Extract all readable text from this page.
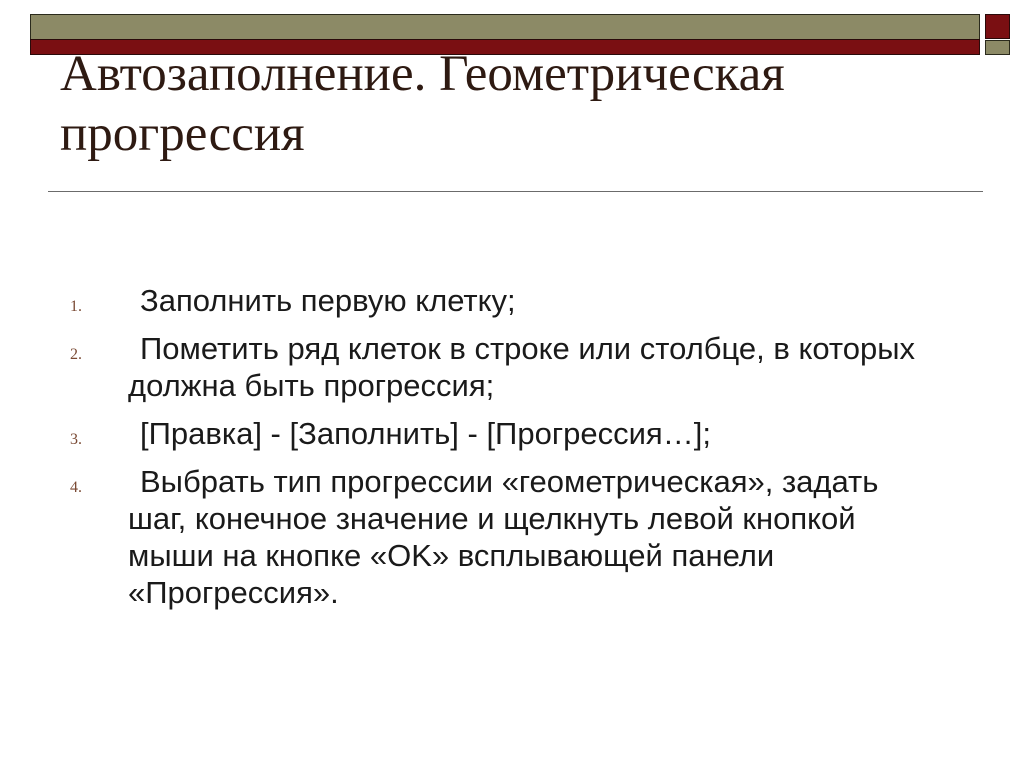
Автозаполнение. Геометрическая прогрессия
1.	Заполнить первую клетку;
2.	Пометить ряд клеток в строке или столбце, в которых должна быть прогрессия;
3.	[Правка] - [Заполнить] - [Прогрессия…];
4.	Выбрать тип прогрессии «геометрическая», задать шаг, конечное значение и щелкнуть левой кнопкой мыши на кнопке «OK» всплывающей панели «Прогрессия».
